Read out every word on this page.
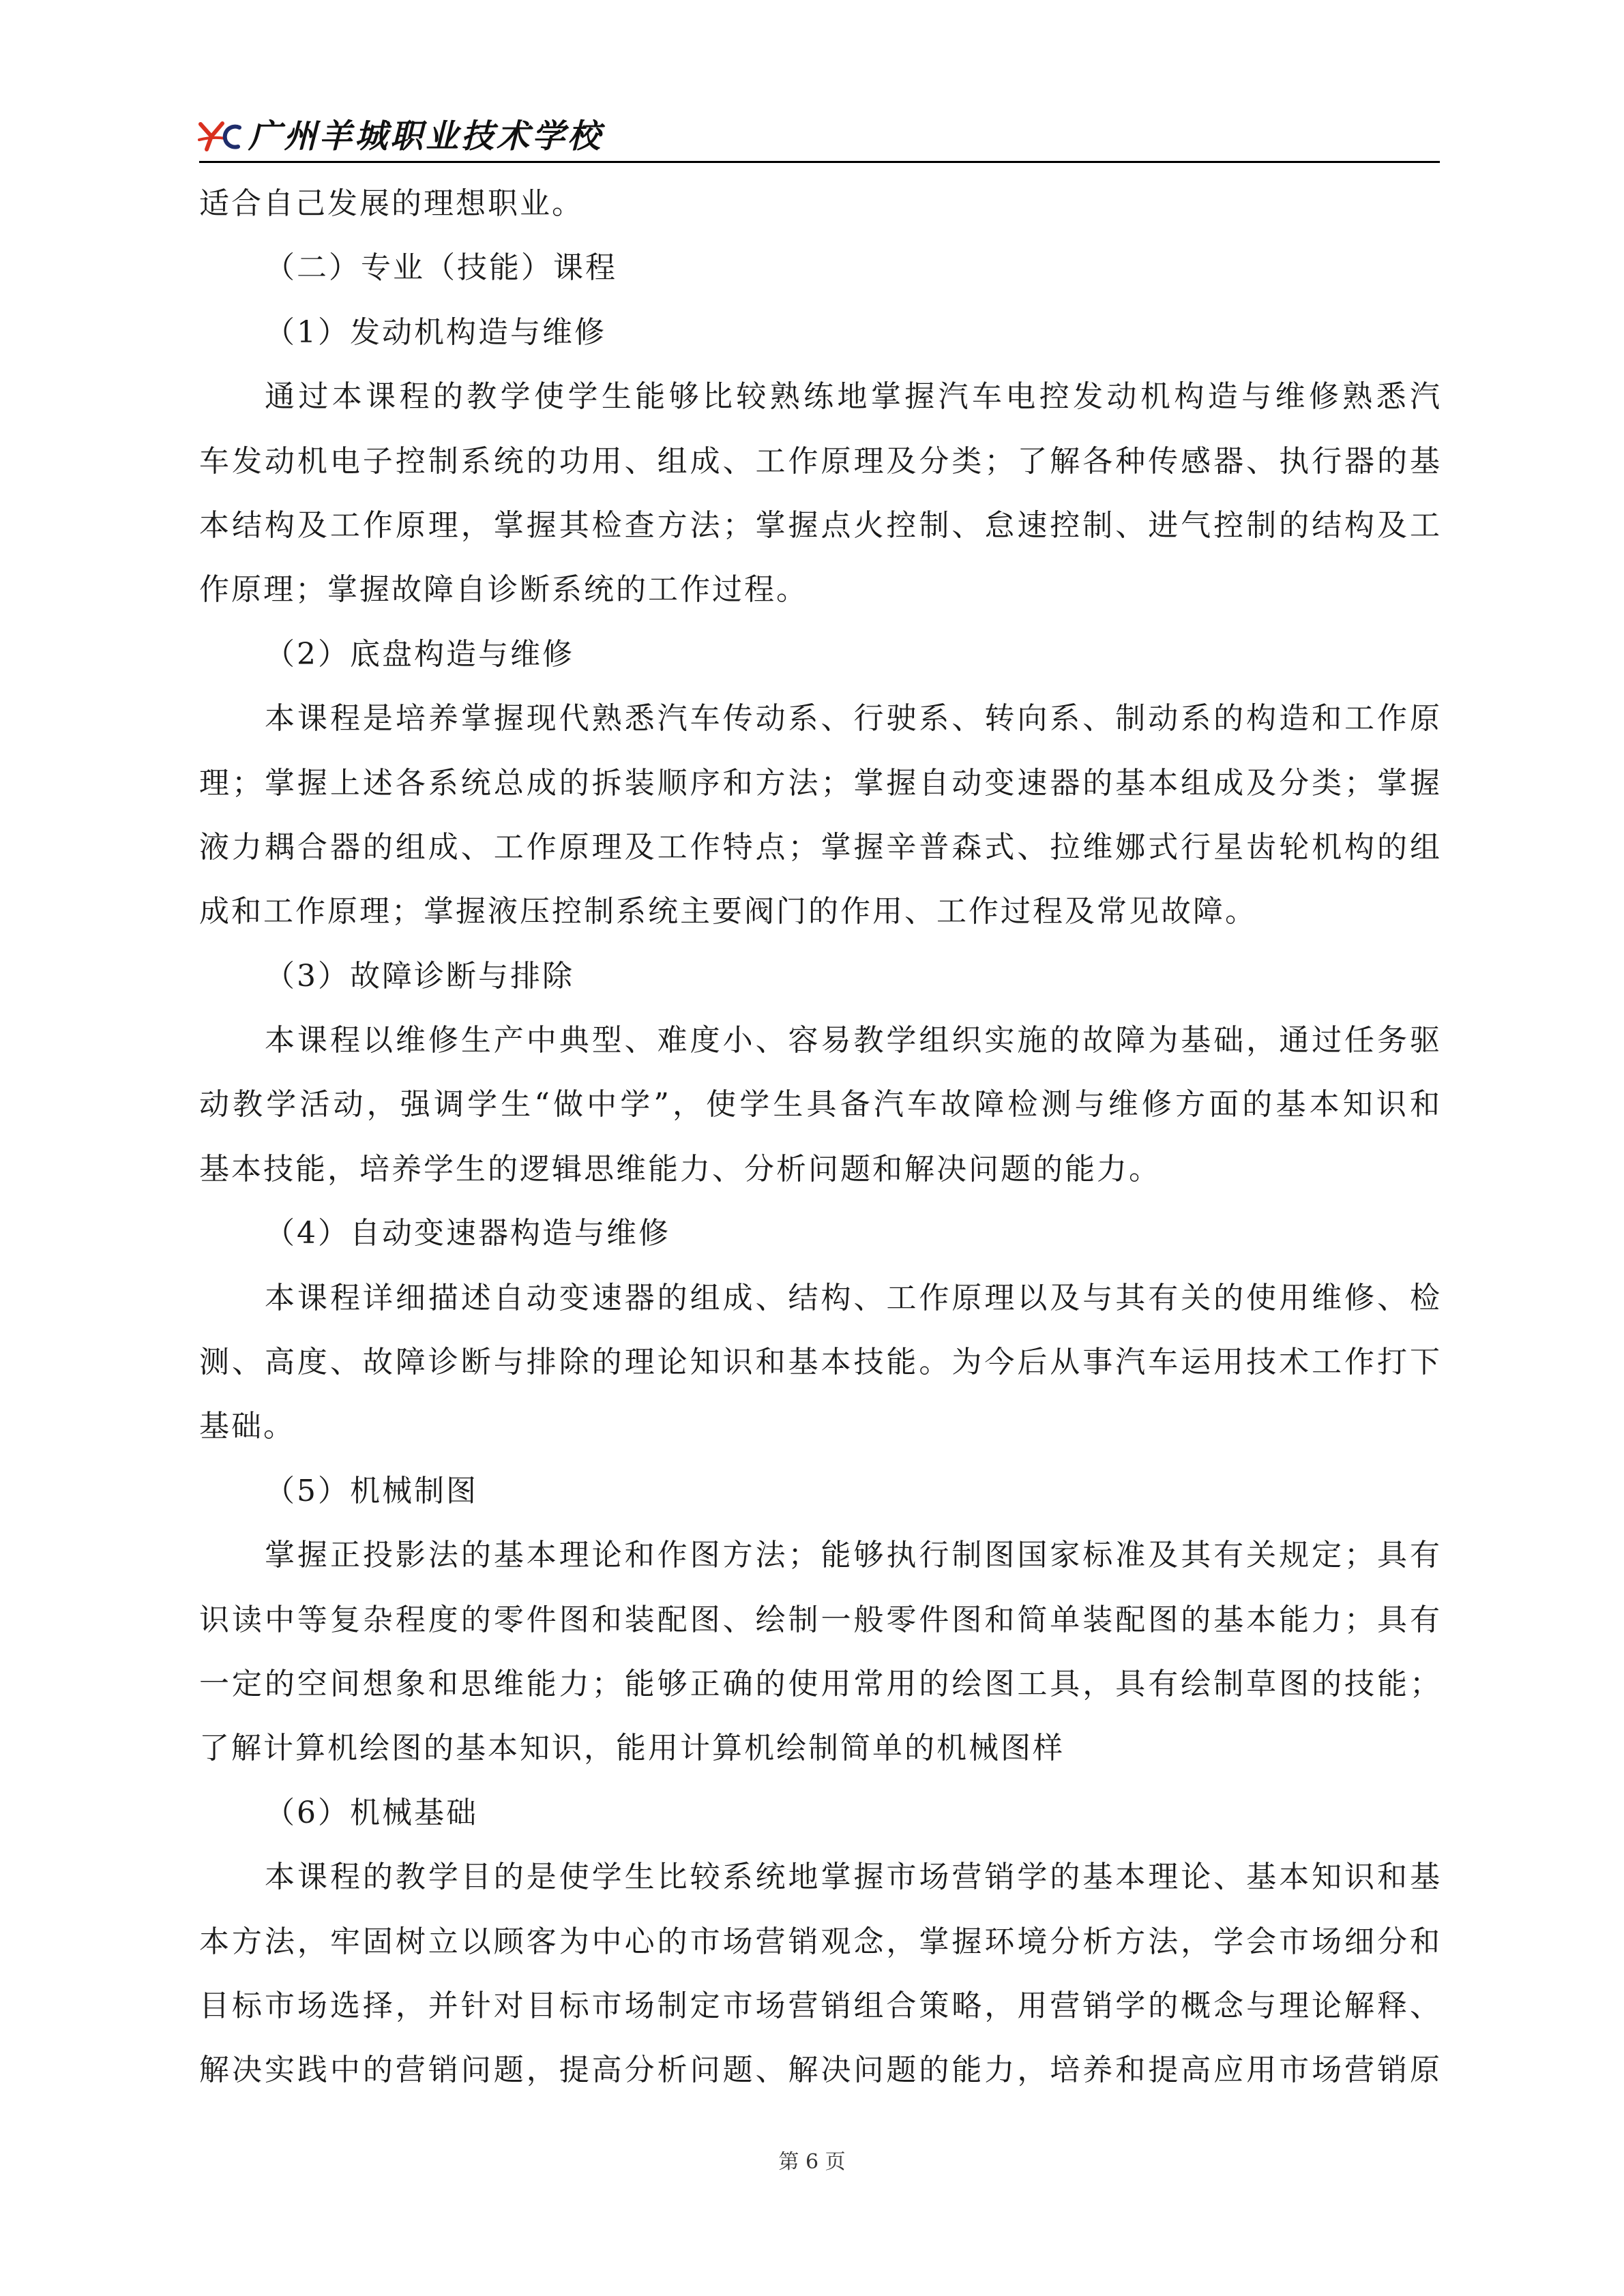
广州羊城职业技术学校
适合自己发展的理想职业。
（二）专业（技能）课程
（1）发动机构造与维修
通过本课程的教学使学生能够比较熟练地掌握汽车电控发动机构造与维修熟悉汽
车发动机电子控制系统的功用、组成、工作原理及分类；了解各种传感器、执行器的基
本结构及工作原理，掌握其检查方法；掌握点火控制、怠速控制、进气控制的结构及工
作原理；掌握故障自诊断系统的工作过程。
（2）底盘构造与维修
本课程是培养掌握现代熟悉汽车传动系、行驶系、转向系、制动系的构造和工作原
理；掌握上述各系统总成的拆装顺序和方法；掌握自动变速器的基本组成及分类；掌握
液力耦合器的组成、工作原理及工作特点；掌握辛普森式、拉维娜式行星齿轮机构的组
成和工作原理；掌握液压控制系统主要阀门的作用、工作过程及常见故障。
（3）故障诊断与排除
本课程以维修生产中典型、难度小、容易教学组织实施的故障为基础，通过任务驱
动教学活动，强调学生“做中学”，使学生具备汽车故障检测与维修方面的基本知识和
基本技能，培养学生的逻辑思维能力、分析问题和解决问题的能力。
（4）自动变速器构造与维修
本课程详细描述自动变速器的组成、结构、工作原理以及与其有关的使用维修、检
测、高度、故障诊断与排除的理论知识和基本技能。为今后从事汽车运用技术工作打下
基础。
（5）机械制图
掌握正投影法的基本理论和作图方法；能够执行制图国家标准及其有关规定；具有
识读中等复杂程度的零件图和装配图、绘制一般零件图和简单装配图的基本能力；具有
一定的空间想象和思维能力；能够正确的使用常用的绘图工具，具有绘制草图的技能；
了解计算机绘图的基本知识，能用计算机绘制简单的机械图样
（6）机械基础
本课程的教学目的是使学生比较系统地掌握市场营销学的基本理论、基本知识和基
本方法，牢固树立以顾客为中心的市场营销观念，掌握环境分析方法，学会市场细分和
目标市场选择，并针对目标市场制定市场营销组合策略，用营销学的概念与理论解释、
解决实践中的营销问题，提高分析问题、解决问题的能力，培养和提高应用市场营销原
第 6 页
